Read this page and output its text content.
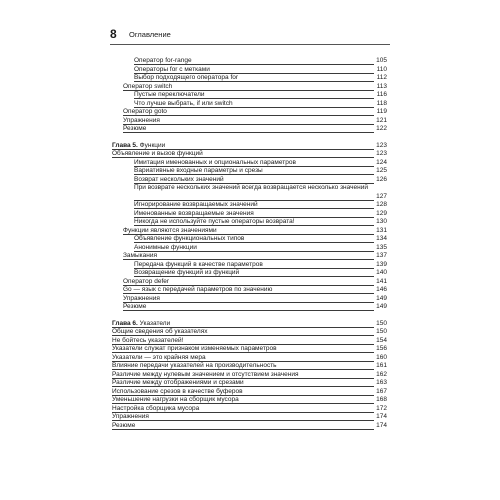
8 Оглавление
Оператор for-range	105
Операторы for с метками	110
Выбор подходящего оператора for	112
Оператор switch	113
Пустые переключатели	116
Что лучше выбрать, if или switch	118
Оператор goto	119
Упражнения	121
Резюме	122
Глава 5. Функции	123
Объявление и вызов функций	123
Имитация именованных и опциональных параметров	124
Вариативные входные параметры и срезы	125
Возврат нескольких значений	126
При возврате нескольких значений всегда возвращается несколько значений
127
Игнорирование возвращаемых значений	128
Именованные возвращаемые значения	129
Никогда не используйте пустые операторы возврата!	130
Функции являются значениями	131
Объявление функциональных типов	134
Анонимные функции	135
Замыкания	137
Передача функций в качестве параметров	139
Возвращение функций из функций	140
Оператор defer	141
Go — язык с передачей параметров по значению	146
Упражнения	149
Резюме	149
Глава 6. Указатели	150
Общие сведения об указателях	150
Не бойтесь указателей!	154
Указатели служат признаком изменяемых параметров	156
Указатели — это крайняя мера	160
Влияние передачи указателей на производительность	161
Различие между нулевым значением и отсутствием значения	162
Различие между отображениями и срезами	163
Использование срезов в качестве буферов	167
Уменьшение нагрузки на сборщик мусора	168
Настройка сборщика мусора	172
Упражнения	174
Резюме	174
